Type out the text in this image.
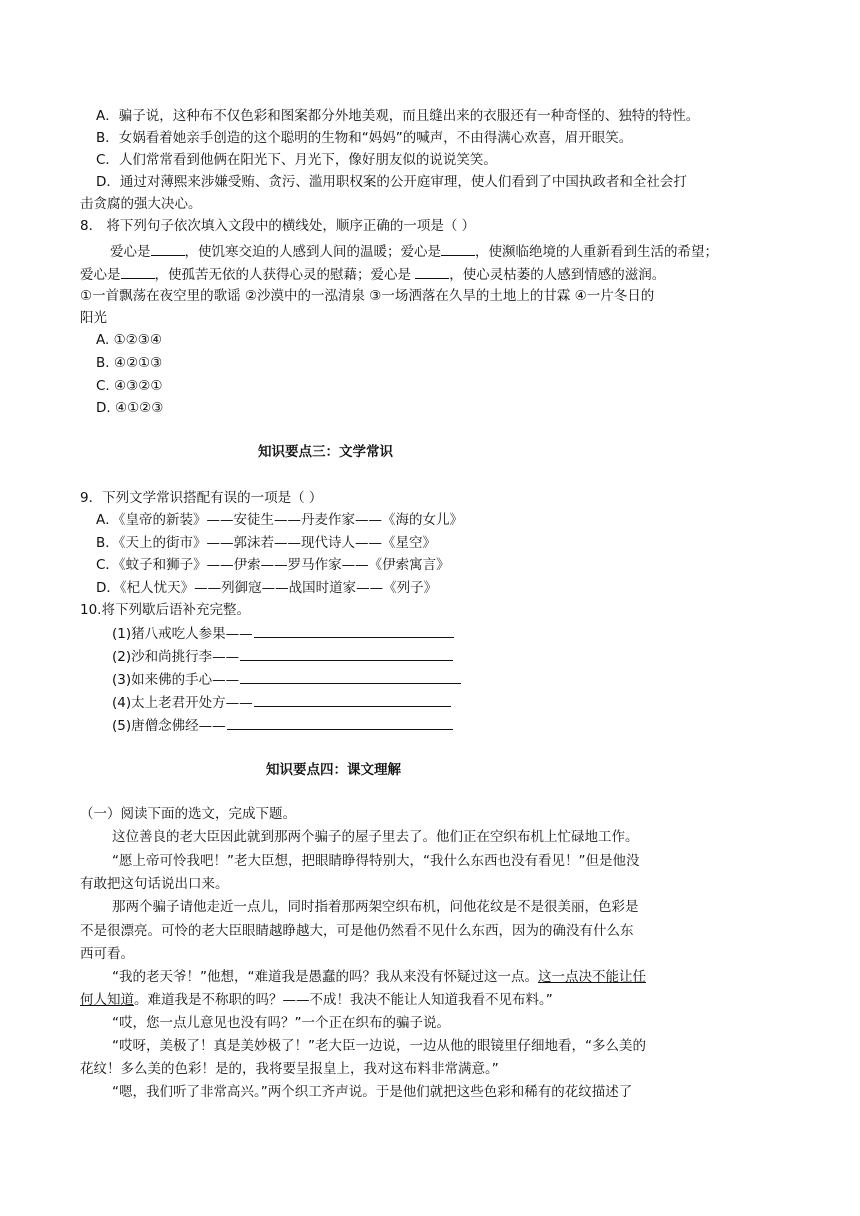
A．骗子说，这种布不仅色彩和图案都分外地美观，而且缝出来的衣服还有一种奇怪的、独特的特性。
B．女娲看着她亲手创造的这个聪明的生物和“妈妈”的喊声，不由得满心欢喜，眉开眼笑。
C．人们常常看到他俩在阳光下、月光下，像好朋友似的说说笑笑。
D．通过对薄熙来涉嫌受贿、贪污、滥用职权案的公开庭审理，使人们看到了中国执政者和全社会打
击贪腐的强大决心。
8． 将下列句子依次填入文段中的横线处，顺序正确的一项是（ ）
爱心是	，使饥寒交迫的人感到人间的温暖；爱心是	，使濒临绝境的人重新看到生活的希望；
爱心是	，使孤苦无依的人获得心灵的慰藉；爱心是	，使心灵枯萎的人感到情感的滋润。
①一首飘荡在夜空里的歌谣 ②沙漠中的一泓清泉 ③一场洒落在久旱的土地上的甘霖 ④一片冬日的
阳光
A. ①②③④
B. ④②①③
C. ④③②①
D. ④①②③
知识要点三：文学常识
9．下列文学常识搭配有误的一项是（ ）
A．《皇帝的新装》——安徒生——丹麦作家——《海的女儿》
B．《天上的街市》——郭沫若——现代诗人——《星空》
C．《蚊子和狮子》——伊索——罗马作家——《伊索寓言》
D．《杞人忧天》——列御寇——战国时道家——《列子》
10.将下列歇后语补充完整。
(1)猪八戒吃人参果——
(2)沙和尚挑行李——
(3)如来佛的手心——
(4)太上老君开处方——
(5)唐僧念佛经——
知识要点四：课文理解
（一）阅读下面的选文，完成下题。
这位善良的老大臣因此就到那两个骗子的屋子里去了。他们正在空织布机上忙碌地工作。
“愿上帝可怜我吧！”老大臣想，把眼睛睁得特别大，“我什么东西也没有看见！”但是他没
有敢把这句话说出口来。
那两个骗子请他走近一点儿，同时指着那两架空织布机，问他花纹是不是很美丽，色彩是
不是很漂亮。可怜的老大臣眼睛越睁越大，可是他仍然看不见什么东西，因为的确没有什么东
西可看。
“我的老天爷！”他想，“难道我是愚蠢的吗？我从来没有怀疑过这一点。这一点决不能让任
何人知道。难道我是不称职的吗？——不成！我决不能让人知道我看不见布料。”
“哎，您一点儿意见也没有吗？”一个正在织布的骗子说。
“哎呀，美极了！真是美妙极了！”老大臣一边说，一边从他的眼镜里仔细地看，“多么美的
花纹！多么美的色彩！是的，我将要呈报皇上，我对这布料非常满意。”
“嗯，我们听了非常高兴。”两个织工齐声说。于是他们就把这些色彩和稀有的花纹描述了
